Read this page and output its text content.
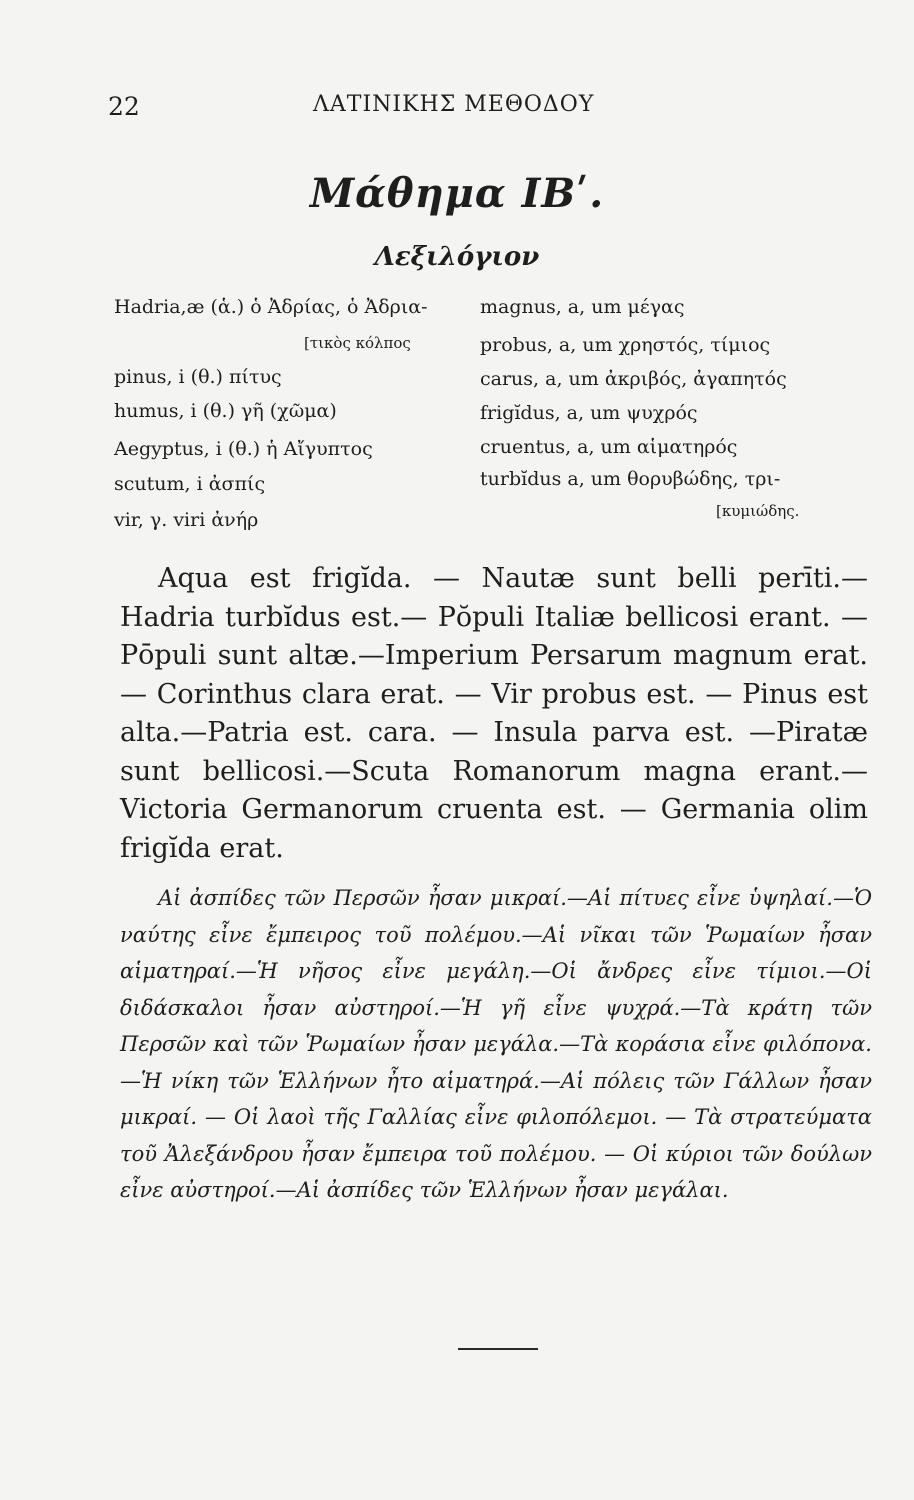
22	ΛΑΤΙΝΙΚΗΣ ΜΕΘΟΔΟΥ
Μάθημα ΙΒʹ.
Λεξιλόγιον
Hadria,æ (ἁ.) ὁ Ἀδρίας, ὁ Ἀδρια-
[τικὸς κόλπος
pinus, i (θ.) πίτυς
humus, i (θ.) γῆ (χῶμα)
Aegyptus, i (θ.) ἡ Αἴγυπτος
scutum, i ἀσπίς
vir, γ. viri ἀνήρ
magnus, a, um μέγας
probus, a, um χρηστός, τίμιος
carus, a, um ἀκριβός, ἀγαπητός
frigĭdus, a, um ψυχρός
cruentus, a, um αἱματηρός
turbĭdus a, um θορυβώδης, τρι-
[κυμιώδης.

Aqua est frigĭda. — Nautæ sunt belli perīti.— Hadria turbĭdus est.— Pŏpuli Italiæ bellicosi erant. —Pōpuli sunt altæ.—Imperium Persarum magnum erat. — Corinthus clara erat. — Vir probus est. — Pinus est alta.—Patria est. cara. — Insula parva est. —Piratæ sunt bellicosi.—Scuta Romanorum magna erant.—Victoria Germanorum cruenta est. — Germania olim frigĭda erat.

Αἱ ἀσπίδες τῶν Περσῶν ἦσαν μικραί.—Αἱ πίτυες εἶνε ὑψηλαί.—Ὁ ναύτης εἶνε ἔμπειρος τοῦ πολέμου.—Αἱ νῖκαι τῶν Ῥωμαίων ἦσαν αἱματηραί.—Ἡ νῆσος εἶνε μεγάλη.—Οἱ ἄνδρες εἶνε τίμιοι.—Οἱ διδάσκαλοι ἦσαν αὐστηροί.—Ἡ γῆ εἶνε ψυχρά.—Τὰ κράτη τῶν Περσῶν καὶ τῶν Ῥωμαίων ἦσαν μεγάλα.—Τὰ κοράσια εἶνε φιλόπονα.—Ἡ νίκη τῶν Ἑλλήνων ἦτο αἱματηρά.—Αἱ πόλεις τῶν Γάλλων ἦσαν μικραί. — Οἱ λαοὶ τῆς Γαλλίας εἶνε φιλοπόλεμοι. — Τὰ στρατεύματα τοῦ Ἀλεξάνδρου ἦσαν ἔμπειρα τοῦ πολέμου. — Οἱ κύριοι τῶν δούλων εἶνε αὐστηροί.—Αἱ ἀσπίδες τῶν Ἑλλήνων ἦσαν μεγάλαι.
